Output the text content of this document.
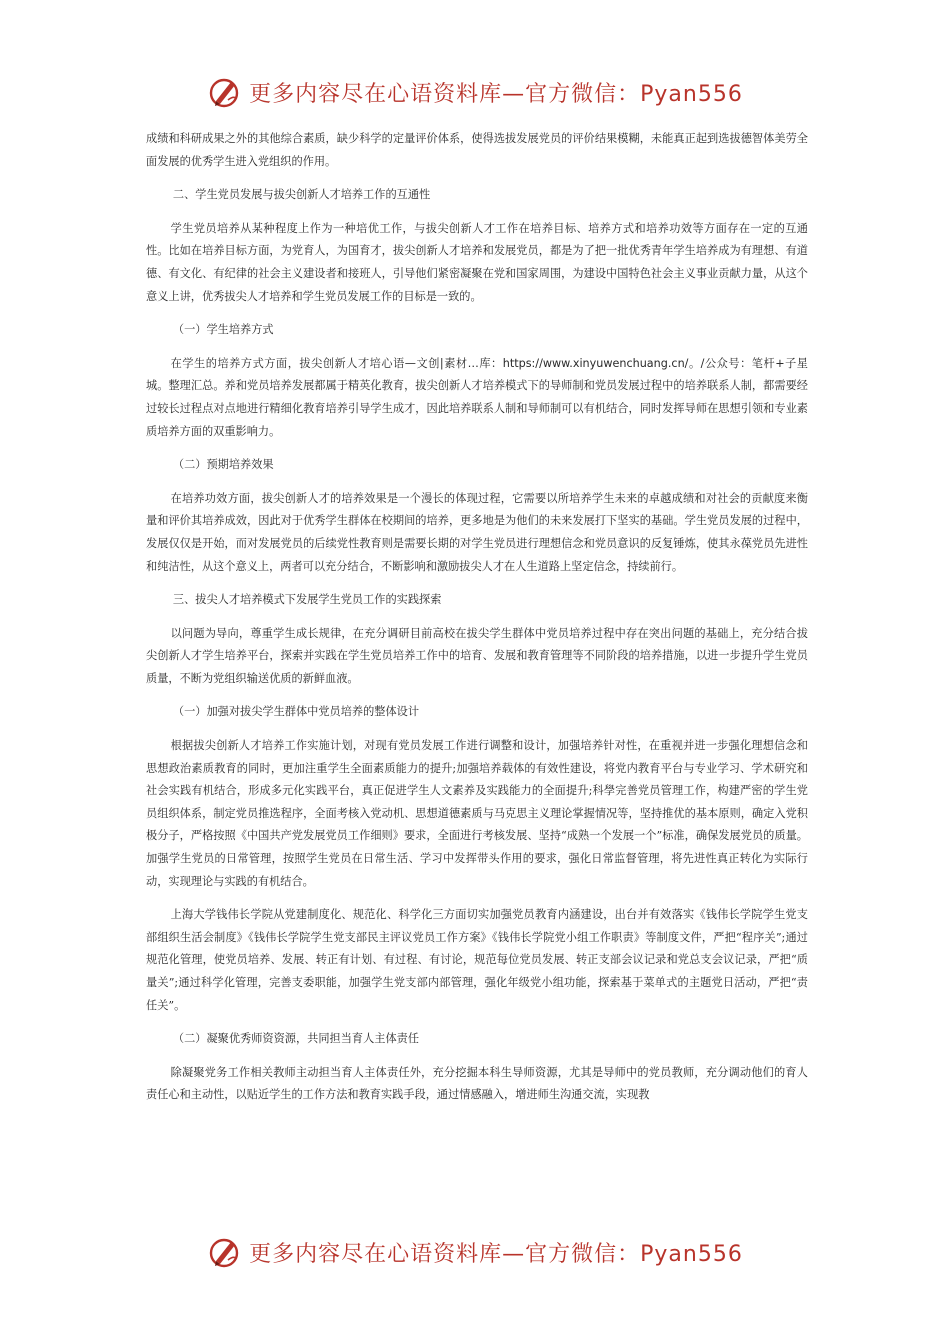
更多内容尽在心语资料库—官方微信：Pyan556

成绩和科研成果之外的其他综合素质，缺少科学的定量评价体系，使得选拔发展党员的评价结果模糊，未能真正起到选拔德智体美劳全面发展的优秀学生进入党组织的作用。

二、学生党员发展与拔尖创新人才培养工作的互通性

学生党员培养从某种程度上作为一种培优工作，与拔尖创新人才工作在培养目标、培养方式和培养功效等方面存在一定的互通性。比如在培养目标方面，为党育人，为国育才，拔尖创新人才培养和发展党员，都是为了把一批优秀青年学生培养成为有理想、有道德、有文化、有纪律的社会主义建设者和接班人，引导他们紧密凝聚在党和国家周围，为建设中国特色社会主义事业贡献力量，从这个意义上讲，优秀拔尖人才培养和学生党员发展工作的目标是一致的。

（一）学生培养方式

在学生的培养方式方面，拔尖创新人才培心语—文创|素材…库：https://www.xinyuwenchuang.cn/。/公众号：笔杆+子星城。整理汇总。养和党员培养发展都属于精英化教育，拔尖创新人才培养模式下的导师制和党员发展过程中的培养联系人制，都需要经过较长过程点对点地进行精细化教育培养引导学生成才，因此培养联系人制和导师制可以有机结合，同时发挥导师在思想引领和专业素质培养方面的双重影响力。

（二）预期培养效果

在培养功效方面，拔尖创新人才的培养效果是一个漫长的体现过程，它需要以所培养学生未来的卓越成绩和对社会的贡献度来衡量和评价其培养成效，因此对于优秀学生群体在校期间的培养，更多地是为他们的未来发展打下坚实的基础。学生党员发展的过程中，发展仅仅是开始，而对发展党员的后续党性教育则是需要长期的对学生党员进行理想信念和党员意识的反复锤炼，使其永葆党员先进性和纯洁性，从这个意义上，两者可以充分结合，不断影响和激励拔尖人才在人生道路上坚定信念，持续前行。

三、拔尖人才培养模式下发展学生党员工作的实践探索

以问题为导向，尊重学生成长规律，在充分调研目前高校在拔尖学生群体中党员培养过程中存在突出问题的基础上，充分结合拔尖创新人才学生培养平台，探索并实践在学生党员培养工作中的培育、发展和教育管理等不同阶段的培养措施，以进一步提升学生党员质量，不断为党组织输送优质的新鲜血液。

（一）加强对拔尖学生群体中党员培养的整体设计

根据拔尖创新人才培养工作实施计划，对现有党员发展工作进行调整和设计，加强培养针对性，在重视并进一步强化理想信念和思想政治素质教育的同时，更加注重学生全面素质能力的提升;加强培养载体的有效性建设，将党内教育平台与专业学习、学术研究和社会实践有机结合，形成多元化实践平台，真正促进学生人文素养及实践能力的全面提升;科學完善党员管理工作，构建严密的学生党员组织体系，制定党员推选程序，全面考核入党动机、思想道德素质与马克思主义理论掌握情况等，坚持推优的基本原则，确定入党积极分子，严格按照《中国共产党发展党员工作细则》要求，全面进行考核发展、坚持“成熟一个发展一个”标准，确保发展党员的质量。加强学生党员的日常管理，按照学生党员在日常生活、学习中发挥带头作用的要求，强化日常监督管理，将先进性真正转化为实际行动，实现理论与实践的有机结合。

上海大学钱伟长学院从党建制度化、规范化、科学化三方面切实加强党员教育内涵建设，出台并有效落实《钱伟长学院学生党支部组织生活会制度》《钱伟长学院学生党支部民主评议党员工作方案》《钱伟长学院党小组工作职责》等制度文件，严把“程序关”;通过规范化管理，使党员培养、发展、转正有计划、有过程、有讨论，规范每位党员发展、转正支部会议记录和党总支会议记录，严把“质量关”;通过科学化管理，完善支委职能，加强学生党支部内部管理，强化年级党小组功能，探索基于菜单式的主题党日活动，严把“责任关”。

（二）凝聚优秀师资资源，共同担当育人主体责任

除凝聚党务工作相关教师主动担当育人主体责任外，充分挖掘本科生导师资源，尤其是导师中的党员教师，充分调动他们的育人责任心和主动性，以贴近学生的工作方法和教育实践手段，通过情感融入，增进师生沟通交流，实现教

更多内容尽在心语资料库—官方微信：Pyan556
